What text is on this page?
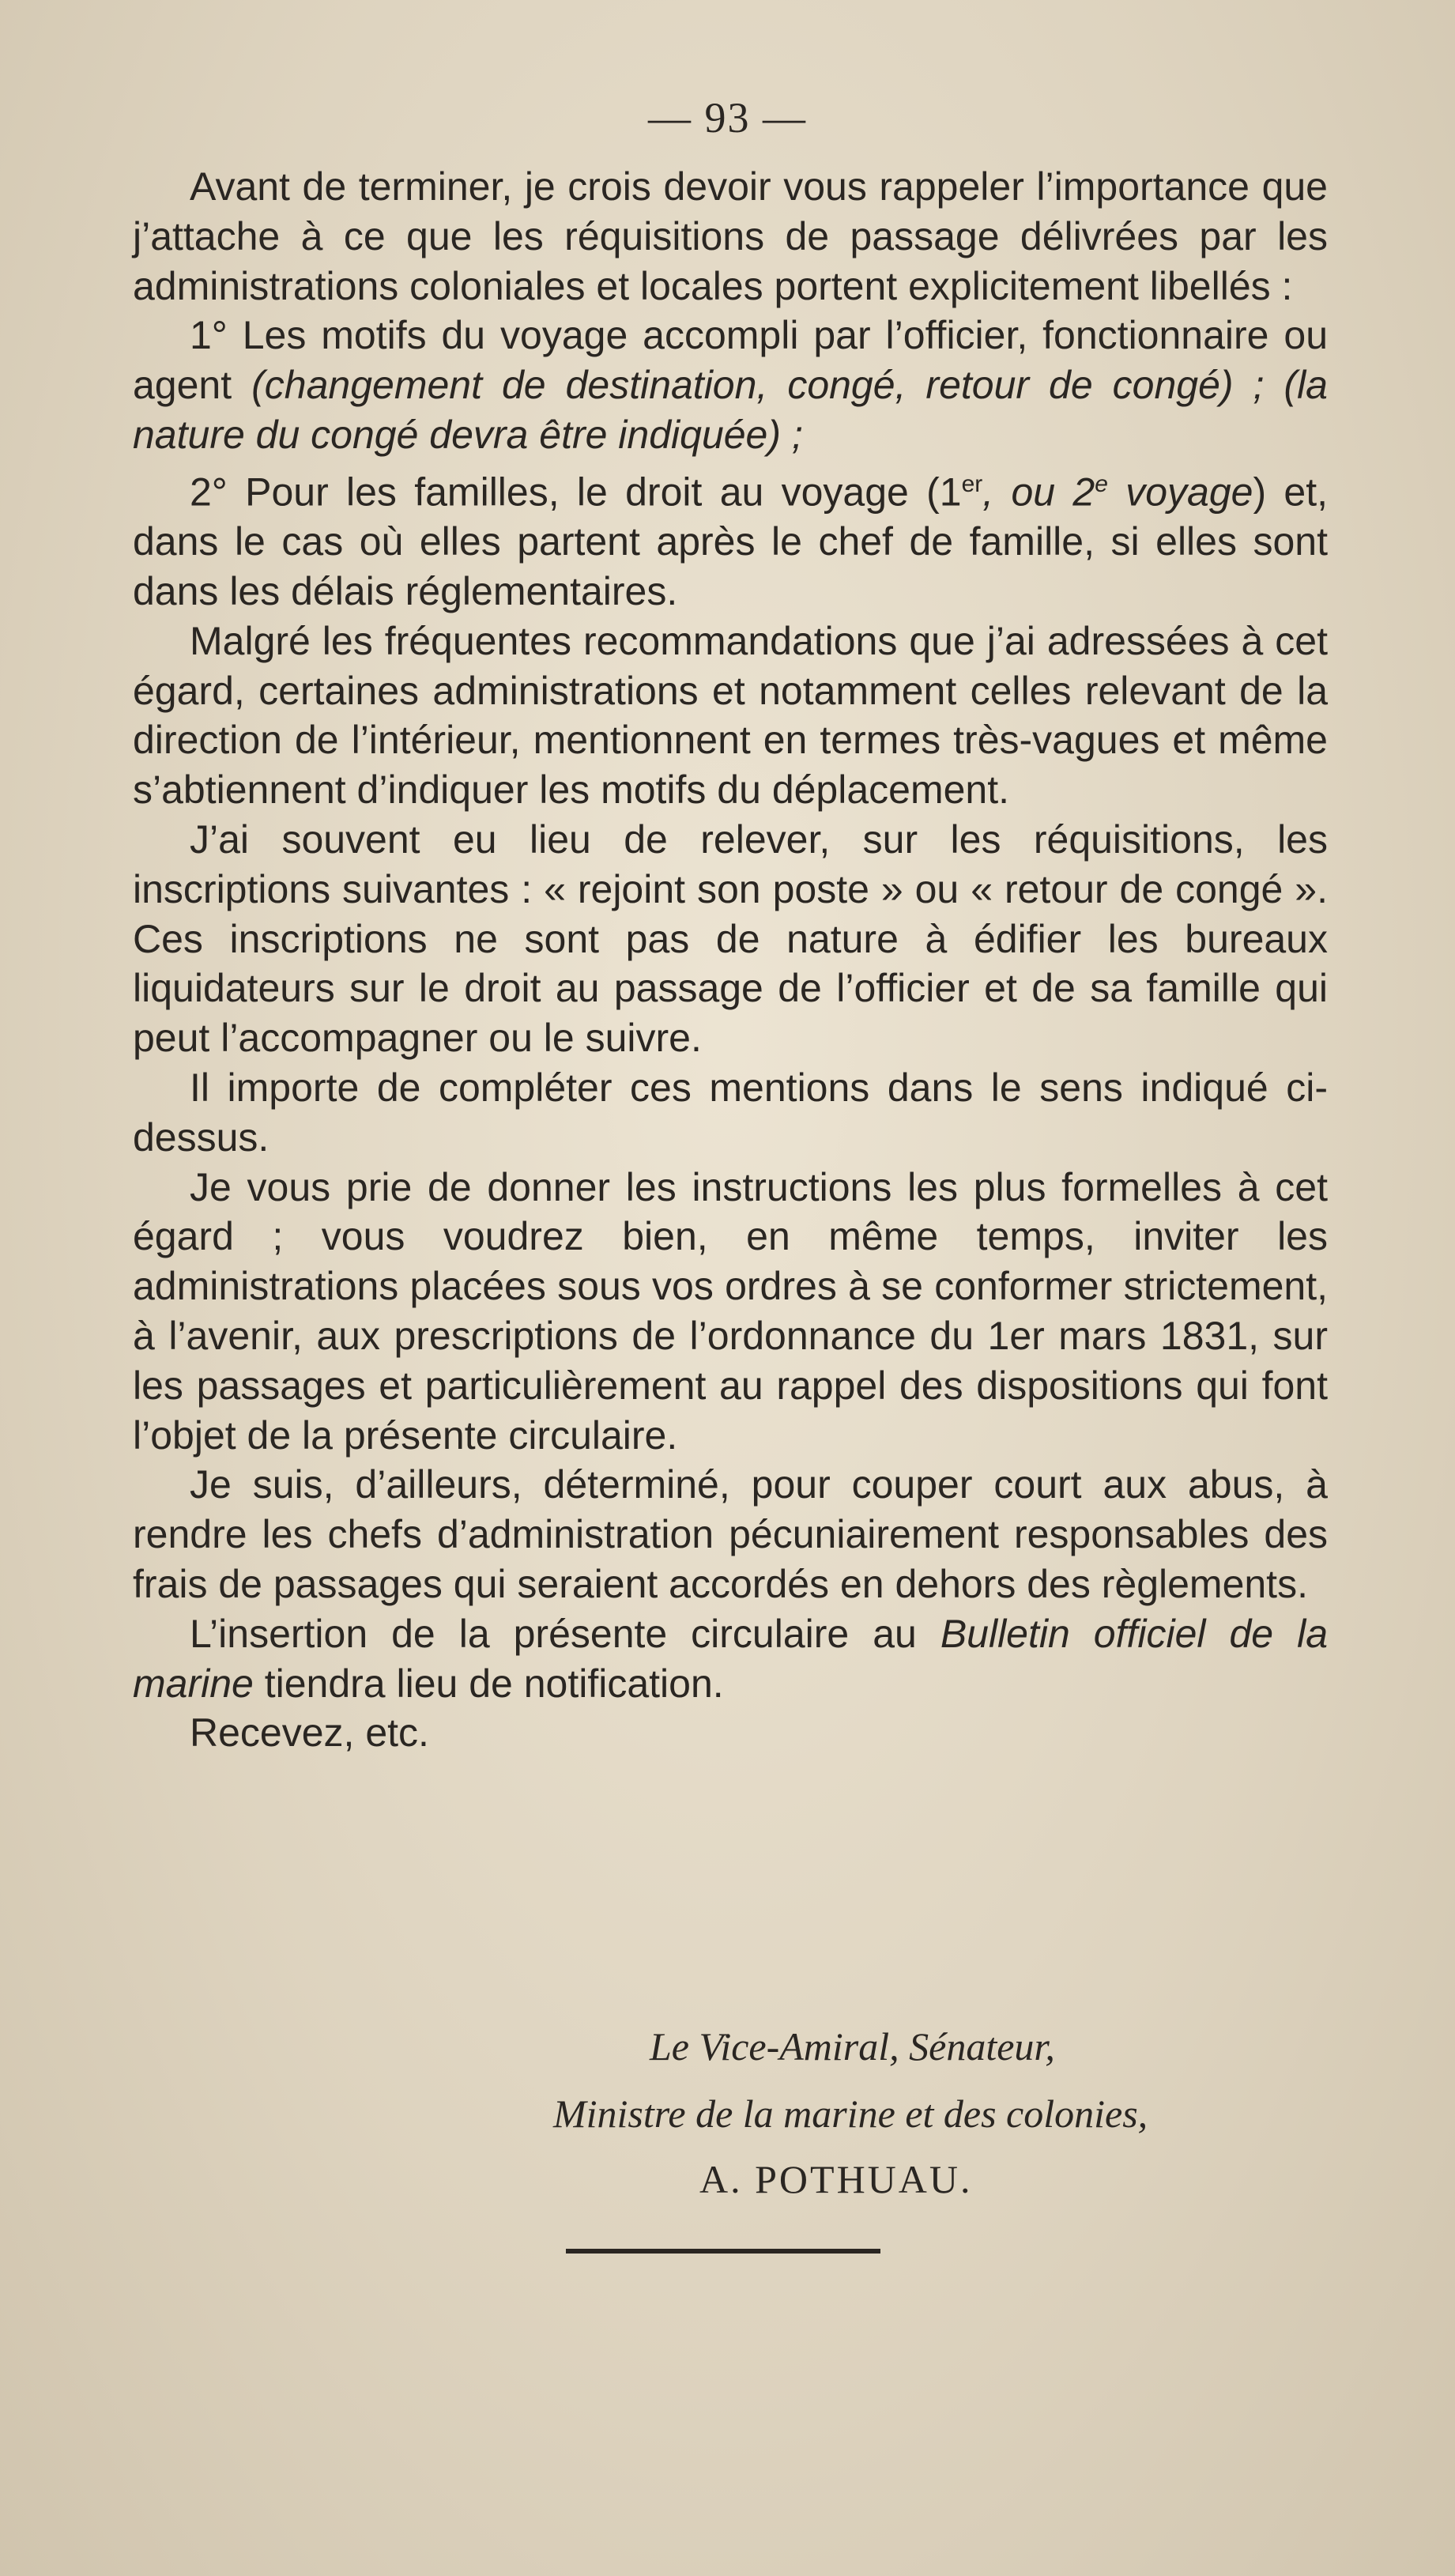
— 93 —

Avant de terminer, je crois devoir vous rappeler l’importance que j’attache à ce que les réquisitions de passage délivrées par les administrations coloniales et locales portent explicitement libellés :

1° Les motifs du voyage accompli par l’officier, fonctionnaire ou agent (changement de destination, congé, retour de congé) ; (la nature du congé devra être indiquée) ;

2° Pour les familles, le droit au voyage (1er, ou 2e voyage) et, dans le cas où elles partent après le chef de famille, si elles sont dans les délais réglementaires.

Malgré les fréquentes recommandations que j’ai adressées à cet égard, certaines administrations et notamment celles relevant de la direction de l’intérieur, mentionnent en termes très-vagues et même s’abtiennent d’indiquer les motifs du déplacement.

J’ai souvent eu lieu de relever, sur les réquisitions, les inscriptions suivantes : « rejoint son poste » ou « retour de congé ». Ces inscriptions ne sont pas de nature à édifier les bureaux liquidateurs sur le droit au passage de l’officier et de sa famille qui peut l’accompagner ou le suivre.

Il importe de compléter ces mentions dans le sens indiqué ci-dessus.

Je vous prie de donner les instructions les plus formelles à cet égard ; vous voudrez bien, en même temps, inviter les administrations placées sous vos ordres à se conformer strictement, à l’avenir, aux prescriptions de l’ordonnance du 1er mars 1831, sur les passages et particulièrement au rappel des dispositions qui font l’objet de la présente circulaire.

Je suis, d’ailleurs, déterminé, pour couper court aux abus, à rendre les chefs d’administration pécuniairement responsables des frais de passages qui seraient accordés en dehors des règlements.

L’insertion de la présente circulaire au Bulletin officiel de la marine tiendra lieu de notification.

Recevez, etc.

Le Vice-Amiral, Sénateur,
Ministre de la marine et des colonies,
A. POTHUAU.
